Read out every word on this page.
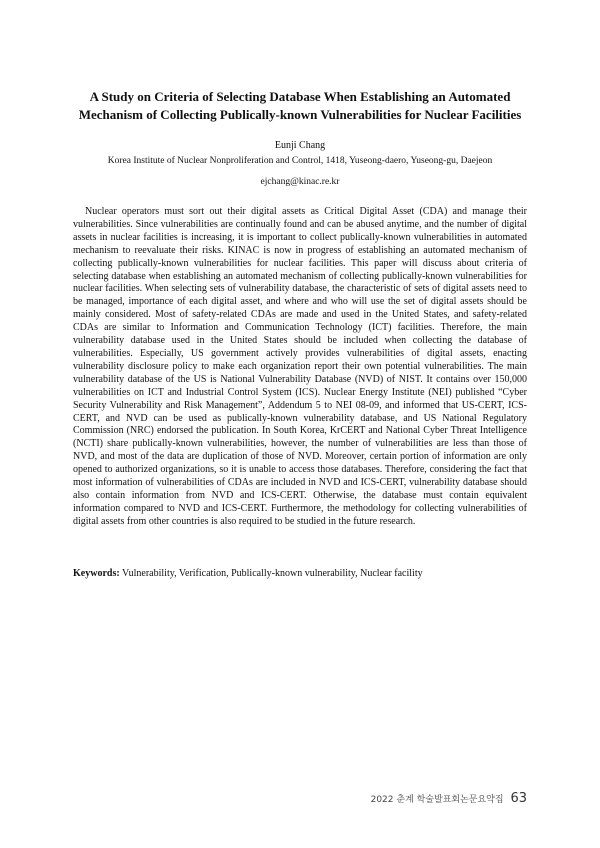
A Study on Criteria of Selecting Database When Establishing an Automated
Mechanism of Collecting Publically-known Vulnerabilities for Nuclear Facilities
Eunji Chang
Korea Institute of Nuclear Nonproliferation and Control, 1418, Yuseong-daero, Yuseong-gu, Daejeon
ejchang@kinac.re.kr

Nuclear operators must sort out their digital assets as Critical Digital Asset (CDA) and manage their vulnerabilities. Since vulnerabilities are continually found and can be abused anytime, and the number of digital assets in nuclear facilities is increasing, it is important to collect publically-known vulnerabilities in automated mechanism to reevaluate their risks. KINAC is now in progress of establishing an automated mechanism of collecting publically-known vulnerabilities for nuclear facilities. This paper will discuss about criteria of selecting database when establishing an automated mechanism of collecting publically-known vulnerabilities for nuclear facilities. When selecting sets of vulnerability database, the characteristic of sets of digital assets need to be managed, importance of each digital asset, and where and who will use the set of digital assets should be mainly considered. Most of safety-related CDAs are made and used in the United States, and safety-related CDAs are similar to Information and Communication Technology (ICT) facilities. Therefore, the main vulnerability database used in the United States should be included when collecting the database of vulnerabilities. Especially, US government actively provides vulnerabilities of digital assets, enacting vulnerability disclosure policy to make each organization report their own potential vulnerabilities. The main vulnerability database of the US is National Vulnerability Database (NVD) of NIST. It contains over 150,000 vulnerabilities on ICT and Industrial Control System (ICS). Nuclear Energy Institute (NEI) published “Cyber Security Vulnerability and Risk Management”, Addendum 5 to NEI 08-09, and informed that US-CERT, ICS-CERT, and NVD can be used as publically-known vulnerability database, and US National Regulatory Commission (NRC) endorsed the publication. In South Korea, KrCERT and National Cyber Threat Intelligence (NCTI) share publically-known vulnerabilities, however, the number of vulnerabilities are less than those of NVD, and most of the data are duplication of those of NVD. Moreover, certain portion of information are only opened to authorized organizations, so it is unable to access those databases. Therefore, considering the fact that most information of vulnerabilities of CDAs are included in NVD and ICS-CERT, vulnerability database should also contain information from NVD and ICS-CERT. Otherwise, the database must contain equivalent information compared to NVD and ICS-CERT. Furthermore, the methodology for collecting vulnerabilities of digital assets from other countries is also required to be studied in the future research.

Keywords: Vulnerability, Verification, Publically-known vulnerability, Nuclear facility

2022 춘계 학술발표회논문요약집 63
